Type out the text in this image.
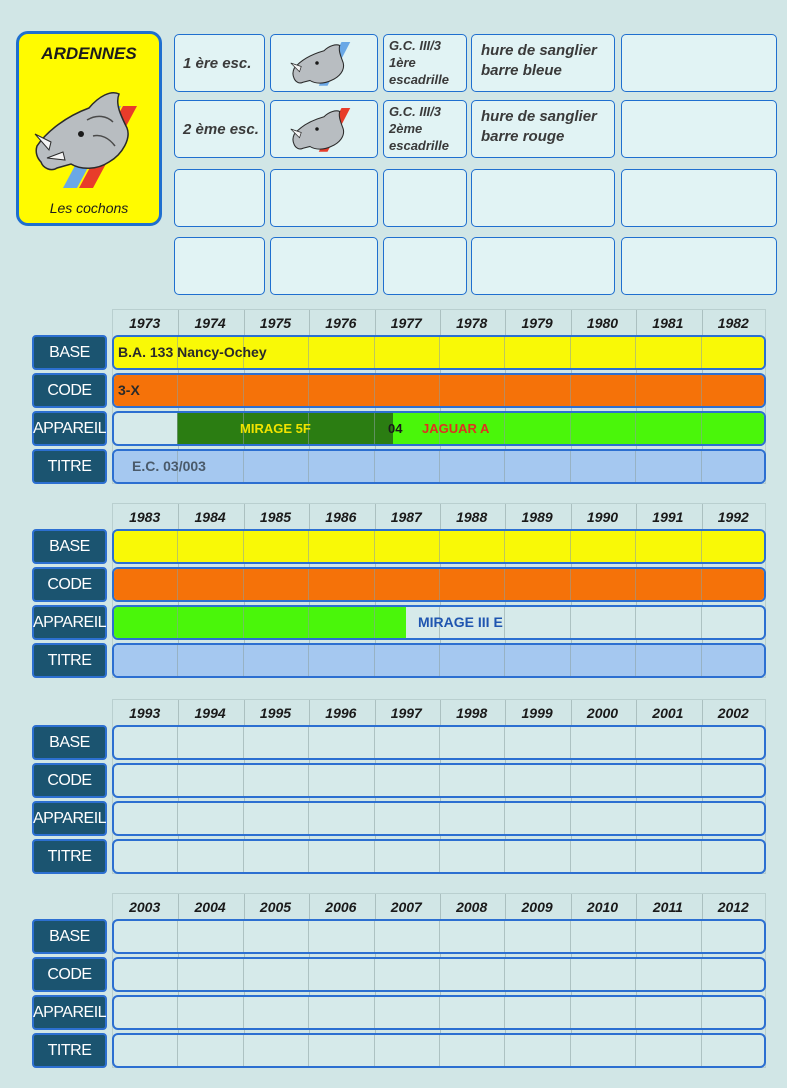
ARDENNES
Les cochons
1 ère esc.
G.C. III/3
1ère
escadrille
hure de sanglier
barre bleue
2 ème esc.
G.C. III/3
2ème
escadrille
hure de sanglier
barre rouge
1973	1974	1975	1976	1977	1978	1979	1980	1981	1982
BASE	B.A. 133 Nancy-Ochey
CODE	3-X
APPAREIL	MIRAGE 5F	04 JAGUAR A
TITRE	E.C. 03/003
1983	1984	1985	1986	1987	1988	1989	1990	1991	1992
BASE
CODE
APPAREIL	MIRAGE III E
TITRE
1993	1994	1995	1996	1997	1998	1999	2000	2001	2002
BASE
CODE
APPAREIL
TITRE
2003	2004	2005	2006	2007	2008	2009	2010	2011	2012
BASE
CODE
APPAREIL
TITRE
